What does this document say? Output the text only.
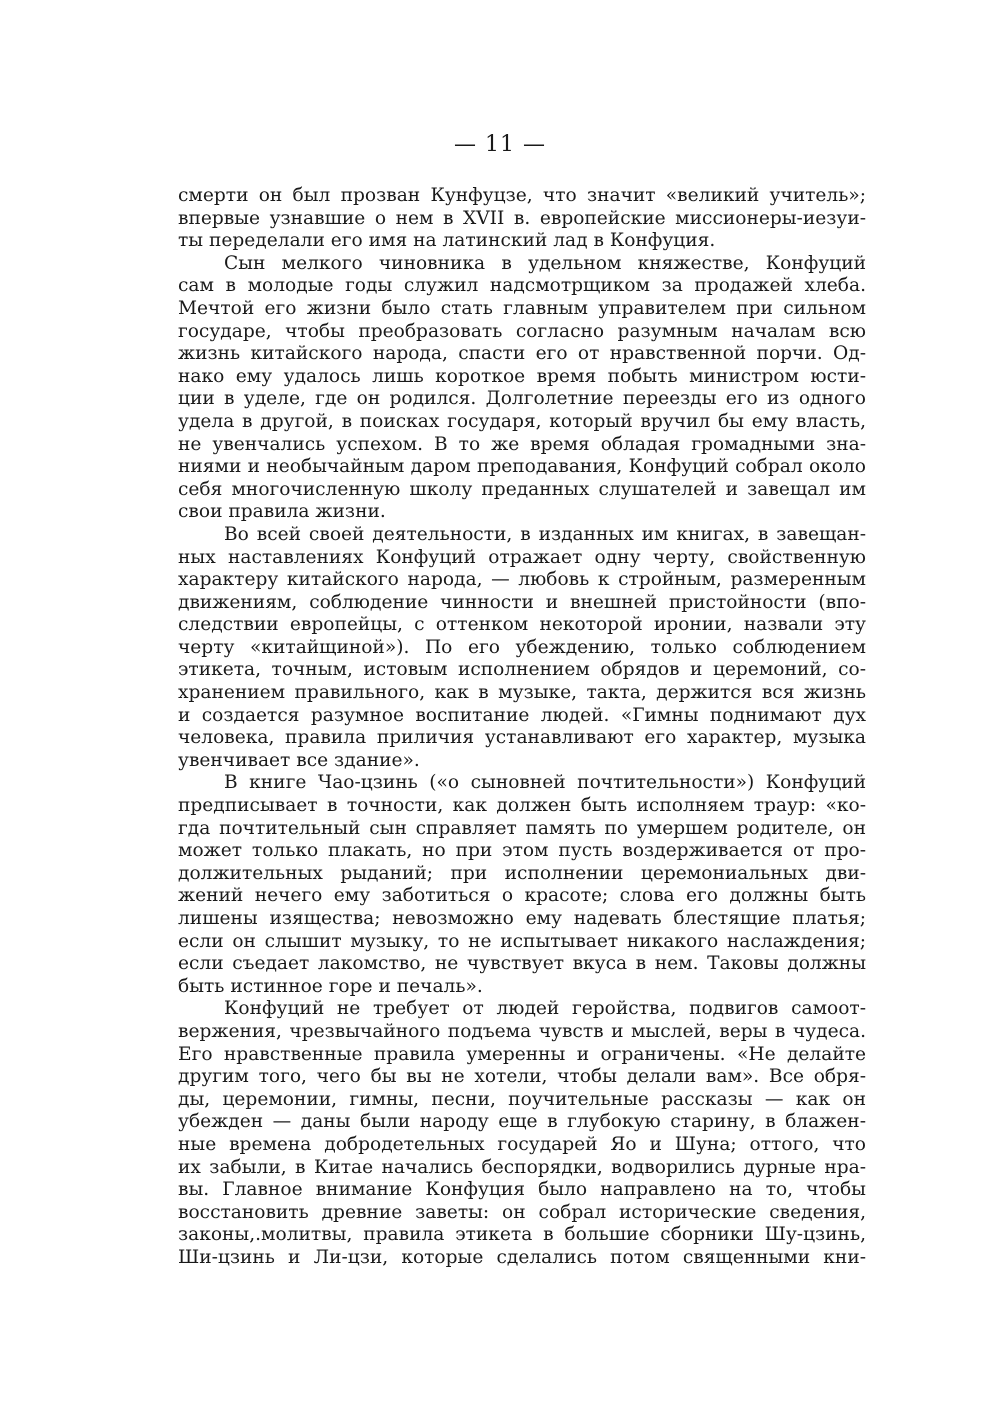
— 11 —
смерти он был прозван Кунфуцзе, что значит «великий учитель»;
впервые узнавшие о нем в XVII в. европейские миссионеры-иезуи-
ты переделали его имя на латинский лад в Конфуция.
Сын мелкого чиновника в удельном княжестве, Конфуций
сам в молодые годы служил надсмотрщиком за продажей хлеба.
Мечтой его жизни было стать главным управителем при сильном
государе, чтобы преобразовать согласно разумным началам всю
жизнь китайского народа, спасти его от нравственной порчи. Од-
нако ему удалось лишь короткое время побыть министром юсти-
ции в уделе, где он родился. Долголетние переезды его из одного
удела в другой, в поисках государя, который вручил бы ему власть,
не увенчались успехом. В то же время обладая громадными зна-
ниями и необычайным даром преподавания, Конфуций собрал около
себя многочисленную школу преданных слушателей и завещал им
свои правила жизни.
Во всей своей деятельности, в изданных им книгах, в завещан-
ных наставлениях Конфуций отражает одну черту, свойственную
характеру китайского народа, — любовь к стройным, размеренным
движениям, соблюдение чинности и внешней пристойности (впо-
следствии европейцы, с оттенком некоторой иронии, назвали эту
черту «китайщиной»). По его убеждению, только соблюдением
этикета, точным, истовым исполнением обрядов и церемоний, со-
хранением правильного, как в музыке, такта, держится вся жизнь
и создается разумное воспитание людей. «Гимны поднимают дух
человека, правила приличия устанавливают его характер, музыка
увенчивает все здание».
В книге Чао-цзинь («о сыновней почтительности») Конфуций
предписывает в точности, как должен быть исполняем траур: «ко-
гда почтительный сын справляет память по умершем родителе, он
может только плакать, но при этом пусть воздерживается от про-
должительных рыданий; при исполнении церемониальных дви-
жений нечего ему заботиться о красоте; слова его должны быть
лишены изящества; невозможно ему надевать блестящие платья;
если он слышит музыку, то не испытывает никакого наслаждения;
если съедает лакомство, не чувствует вкуса в нем. Таковы должны
быть истинное горе и печаль».
Конфуций не требует от людей геройства, подвигов самоот-
вержения, чрезвычайного подъема чувств и мыслей, веры в чудеса.
Его нравственные правила умеренны и ограничены. «Не делайте
другим того, чего бы вы не хотели, чтобы делали вам». Все обря-
ды, церемонии, гимны, песни, поучительные рассказы — как он
убежден — даны были народу еще в глубокую старину, в блажен-
ные времена добродетельных государей Яо и Шуна; оттого, что
их забыли, в Китае начались беспорядки, водворились дурные нра-
вы. Главное внимание Конфуция было направлено на то, чтобы
восстановить древние заветы: он собрал исторические сведения,
законы,.молитвы, правила этикета в большие сборники Шу-цзинь,
Ши-цзинь и Ли-цзи, которые сделались потом священными кни-
